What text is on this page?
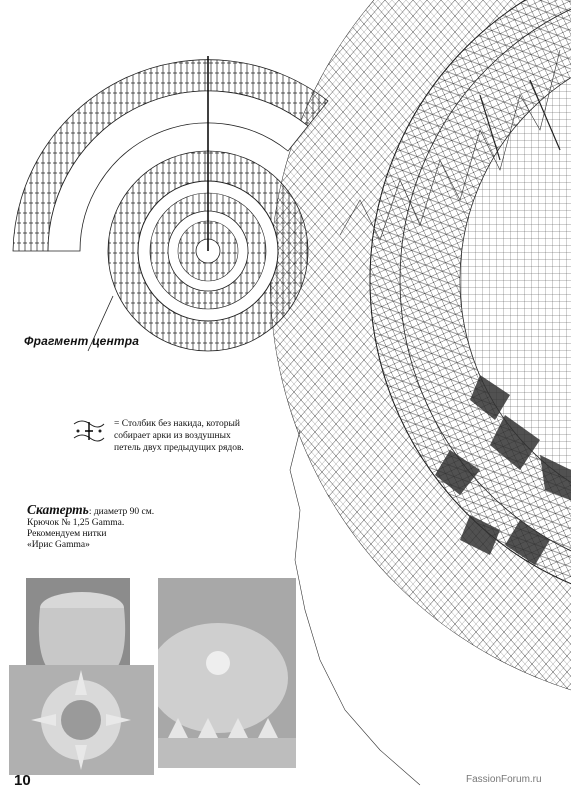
Фрагмент центра
= Столбик без накида, который
собирает арки из воздушных
петель двух предыдущих рядов.
Скатерть: диаметр 90 см.
Крючок № 1,25 Gamma.
Рекомендуем нитки
«Ирис Gamma»
10	FassionForum.ru
